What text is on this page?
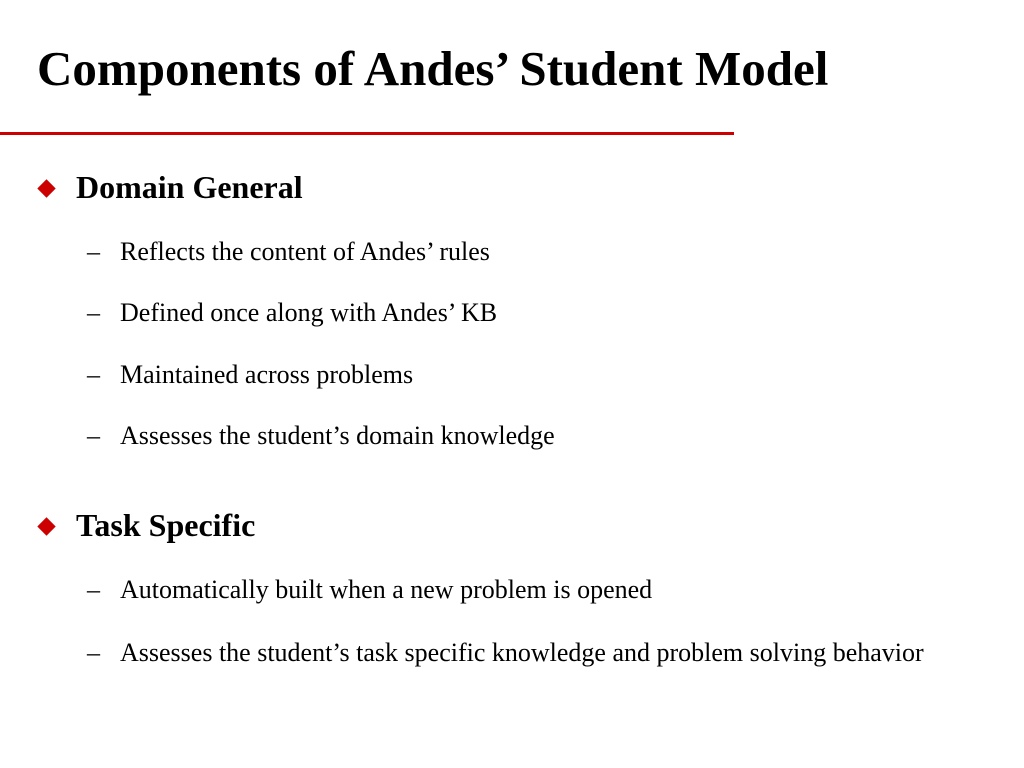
Components of Andes’ Student Model
Domain General
– Reflects the content of Andes’ rules
– Defined once along with Andes’ KB
– Maintained across problems
– Assesses the student’s domain knowledge
Task Specific
– Automatically built when a new problem is opened
– Assesses the student’s task specific knowledge and problem solving behavior
